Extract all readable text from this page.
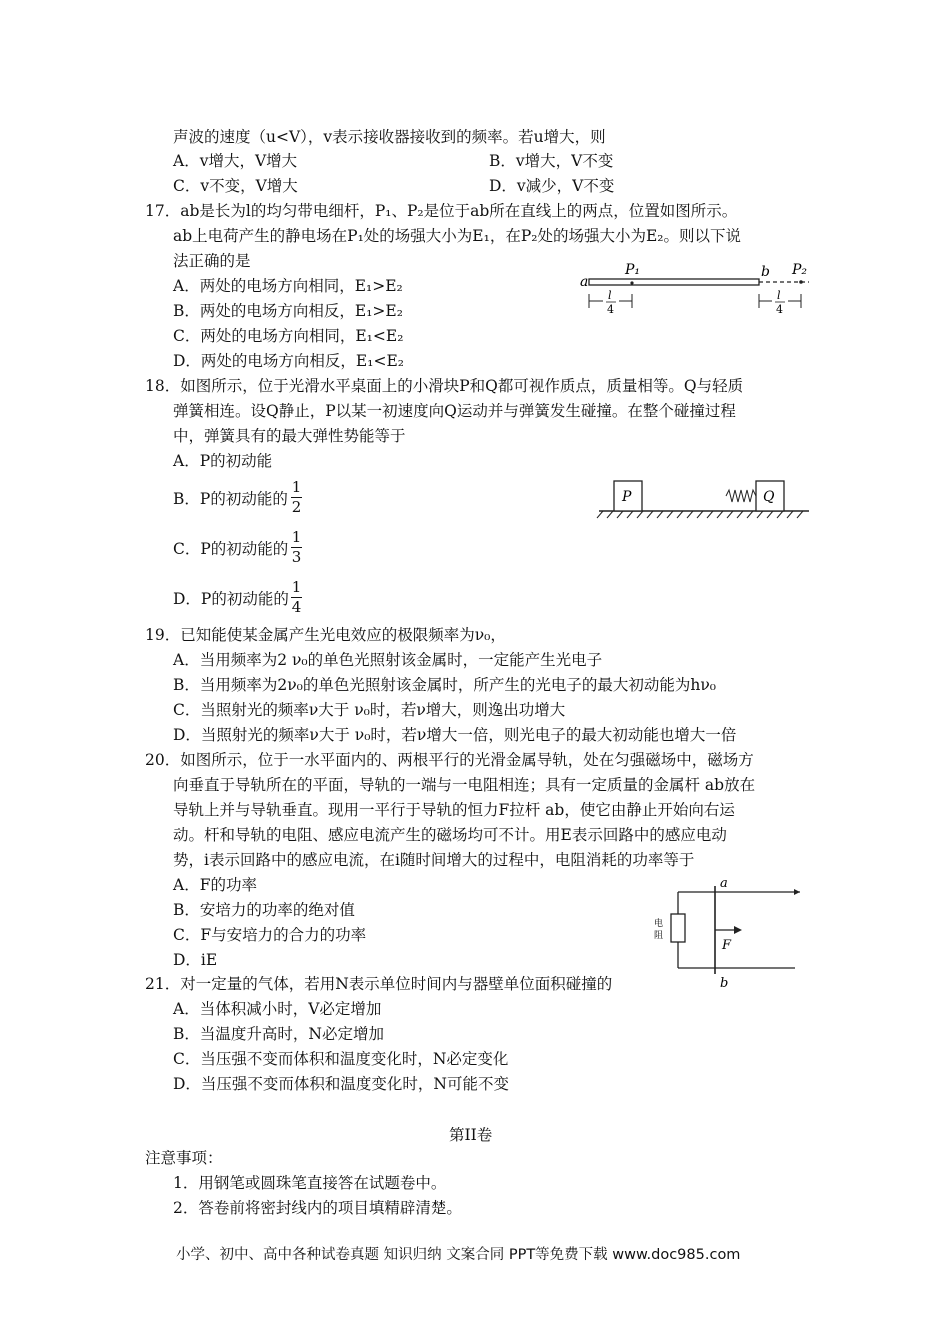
声波的速度（u<V），v表示接收器接收到的频率。若u增大，则
A．v增大，V增大	B．v增大，V不变
C．v不变，V增大	D．v减少，V不变
17．ab是长为l的均匀带电细杆，P₁、P₂是位于ab所在直线上的两点，位置如图所示。
ab上电荷产生的静电场在P₁处的场强大小为E₁，在P₂处的场强大小为E₂。则以下说
法正确的是
A．两处的电场方向相同，E₁>E₂
B．两处的电场方向相反，E₁>E₂
C．两处的电场方向相同，E₁<E₂
D．两处的电场方向相反，E₁<E₂
a
b
P₁	P₂
l
4
l
4
18．如图所示，位于光滑水平桌面上的小滑块P和Q都可视作质点，质量相等。Q与轻质
弹簧相连。设Q静止，P以某一初速度向Q运动并与弹簧发生碰撞。在整个碰撞过程
中，弹簧具有的最大弹性势能等于
A．P的初动能
B．P的初动能的
1
2
C．P的初动能的
1
3
D．P的初动能的
1
4
P	Q
19．已知能使某金属产生光电效应的极限频率为ν₀，
A．当用频率为2 ν₀的单色光照射该金属时，一定能产生光电子
B．当用频率为2ν₀的单色光照射该金属时，所产生的光电子的最大初动能为hν₀
C．当照射光的频率ν大于 ν₀时，若ν增大，则逸出功增大
D．当照射光的频率ν大于 ν₀时，若ν增大一倍，则光电子的最大初动能也增大一倍
20．如图所示，位于一水平面内的、两根平行的光滑金属导轨，处在匀强磁场中，磁场方
向垂直于导轨所在的平面，导轨的一端与一电阻相连；具有一定质量的金属杆 ab放在
导轨上并与导轨垂直。现用一平行于导轨的恒力F拉杆 ab，使它由静止开始向右运
动。杆和导轨的电阻、感应电流产生的磁场均可不计。用E表示回路中的感应电动
势，i表示回路中的感应电流，在i随时间增大的过程中，电阻消耗的功率等于
A．F的功率
B．安培力的功率的绝对值
C．F与安培力的合力的功率
D．iE
电
阻
a
b
F
21．对一定量的气体，若用N表示单位时间内与器壁单位面积碰撞的
A．当体积减小时，V必定增加
B．当温度升高时，N必定增加
C．当压强不变而体积和温度变化时，N必定变化
D．当压强不变而体积和温度变化时，N可能不变
第II卷
注意事项：
1．用钢笔或圆珠笔直接答在试题卷中。
2．答卷前将密封线内的项目填精辟清楚。
小学、初中、高中各种试卷真题 知识归纳 文案合同 PPT等免费下载 www.doc985.com
